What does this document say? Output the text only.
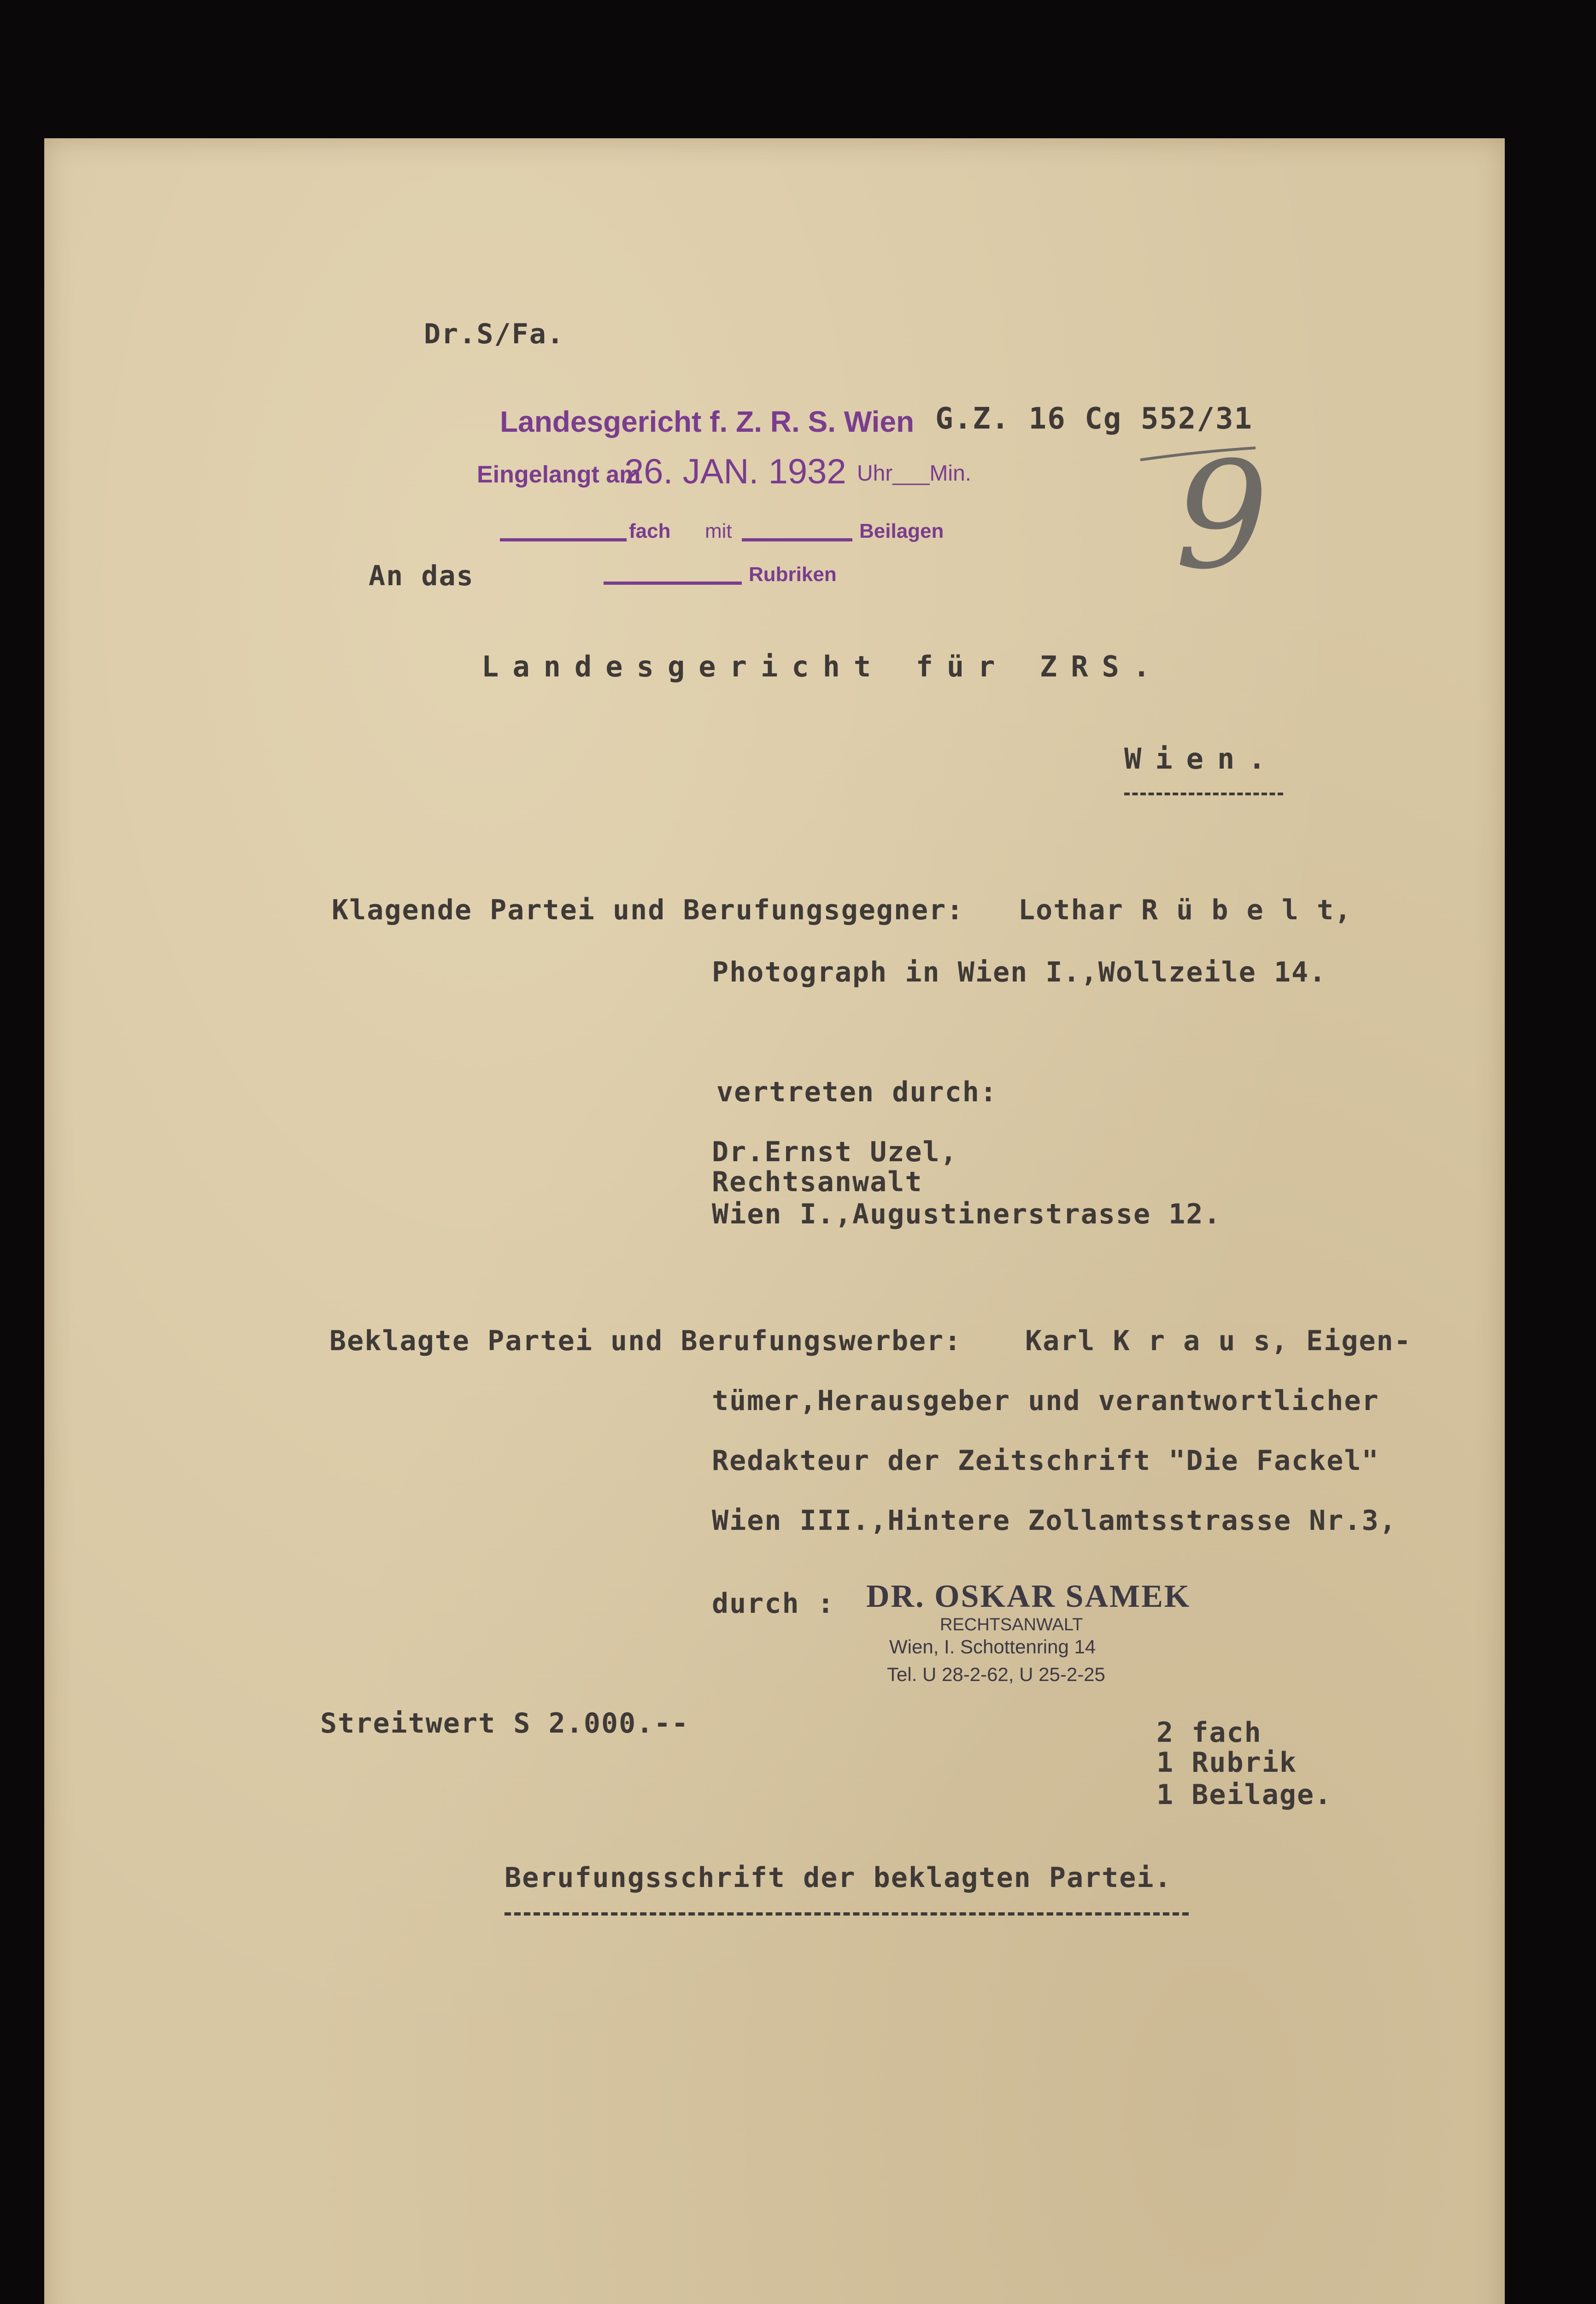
Dr.S/Fa.
Landesgericht f. Z. R. S. Wien G.Z. 16 Cg 552/31
Eingelangt am
26. JAN. 1932 Uhr___Min.
fach mit	Beilagen
Rubriken 9
An das
Landesgericht für ZRS.
Wien.
Klagende Partei und Berufungsgegner: Lothar R ü b e l t,
Photograph in Wien I.,Wollzeile 14.
vertreten durch:
Dr.Ernst Uzel,
Rechtsanwalt
Wien I.,Augustinerstrasse 12.
Beklagte Partei und Berufungswerber: Karl K r a u s, Eigen-
tümer,Herausgeber und verantwortlicher
Redakteur der Zeitschrift "Die Fackel"
Wien III.,Hintere Zollamtsstrasse Nr.3,
durch : DR. OSKAR SAMEK
RECHTSANWALT
Wien, I. Schottenring 14
Tel. U 28-2-62, U 25-2-25
Streitwert S 2.000.--	2 fach
1 Rubrik
1 Beilage.
Berufungsschrift der beklagten Partei.
